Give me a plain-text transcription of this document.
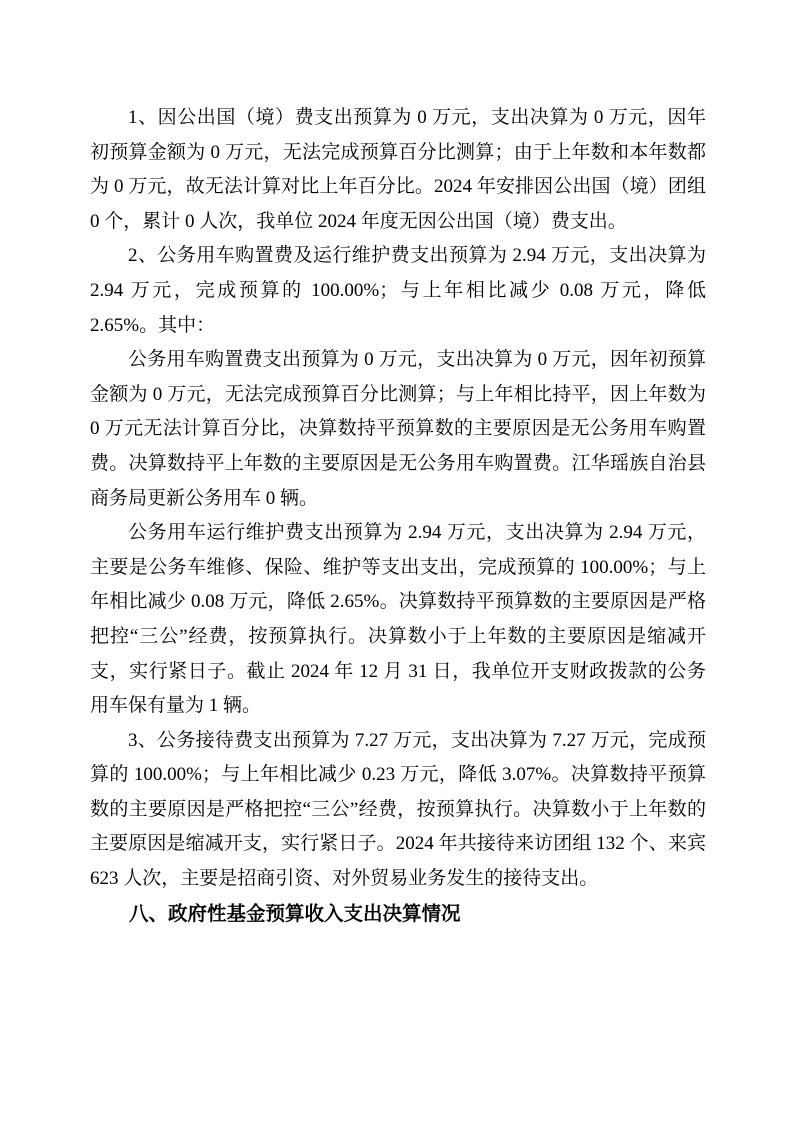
1、因公出国（境）费支出预算为 0 万元，支出决算为 0 万元，因年初预算金额为 0 万元，无法完成预算百分比测算；由于上年数和本年数都为 0 万元，故无法计算对比上年百分比。2024 年安排因公出国（境）团组 0 个，累计 0 人次，我单位 2024 年度无因公出国（境）费支出。

2、公务用车购置费及运行维护费支出预算为 2.94 万元，支出决算为 2.94 万元，完成预算的 100.00%；与上年相比减少 0.08 万元，降低 2.65%。其中：

公务用车购置费支出预算为 0 万元，支出决算为 0 万元，因年初预算金额为 0 万元，无法完成预算百分比测算；与上年相比持平，因上年数为 0 万元无法计算百分比，决算数持平预算数的主要原因是无公务用车购置费。决算数持平上年数的主要原因是无公务用车购置费。江华瑶族自治县商务局更新公务用车 0 辆。

公务用车运行维护费支出预算为 2.94 万元，支出决算为 2.94 万元，主要是公务车维修、保险、维护等支出支出，完成预算的 100.00%；与上年相比减少 0.08 万元，降低 2.65%。决算数持平预算数的主要原因是严格把控“三公”经费，按预算执行。决算数小于上年数的主要原因是缩减开支，实行紧日子。截止 2024 年 12 月 31 日，我单位开支财政拨款的公务用车保有量为 1 辆。

3、公务接待费支出预算为 7.27 万元，支出决算为 7.27 万元，完成预算的 100.00%；与上年相比减少 0.23 万元，降低 3.07%。决算数持平预算数的主要原因是严格把控“三公”经费，按预算执行。决算数小于上年数的主要原因是缩减开支，实行紧日子。2024 年共接待来访团组 132 个、来宾 623 人次，主要是招商引资、对外贸易业务发生的接待支出。

八、政府性基金预算收入支出决算情况
